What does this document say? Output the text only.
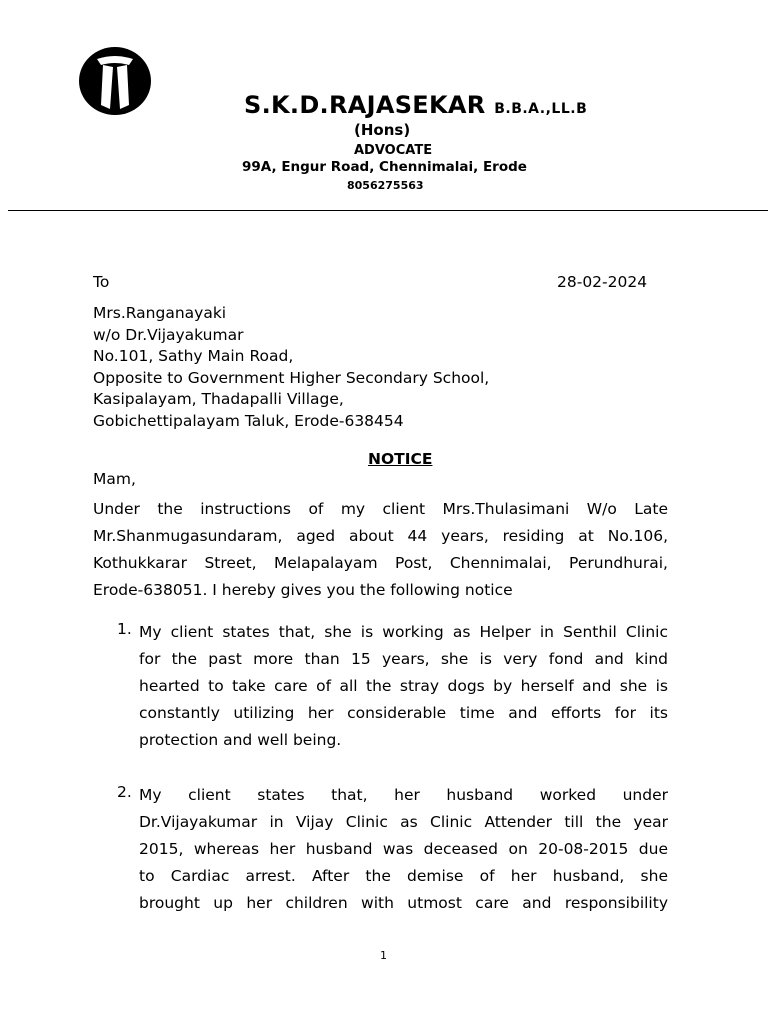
S.K.D.RAJASEKAR B.B.A.,LL.B
(Hons)
ADVOCATE
99A, Engur Road, Chennimalai, Erode
8056275563
To	28-02-2024
Mrs.Ranganayaki
w/o Dr.Vijayakumar
No.101, Sathy Main Road,
Opposite to Government Higher Secondary School,
Kasipalayam, Thadapalli Village,
Gobichettipalayam Taluk, Erode-638454
NOTICE
Mam,
Under the instructions of my client Mrs.Thulasimani W/o Late
Mr.Shanmugasundaram, aged about 44 years, residing at No.106,
Kothukkarar Street, Melapalayam Post, Chennimalai, Perundhurai,
Erode-638051. I hereby gives you the following notice
1. My client states that, she is working as Helper in Senthil Clinic
for the past more than 15 years, she is very fond and kind
hearted to take care of all the stray dogs by herself and she is
constantly utilizing her considerable time and efforts for its
protection and well being.
2. My client states that, her husband worked under
Dr.Vijayakumar in Vijay Clinic as Clinic Attender till the year
2015, whereas her husband was deceased on 20-08-2015 due
to Cardiac arrest. After the demise of her husband, she
brought up her children with utmost care and responsibility
1
